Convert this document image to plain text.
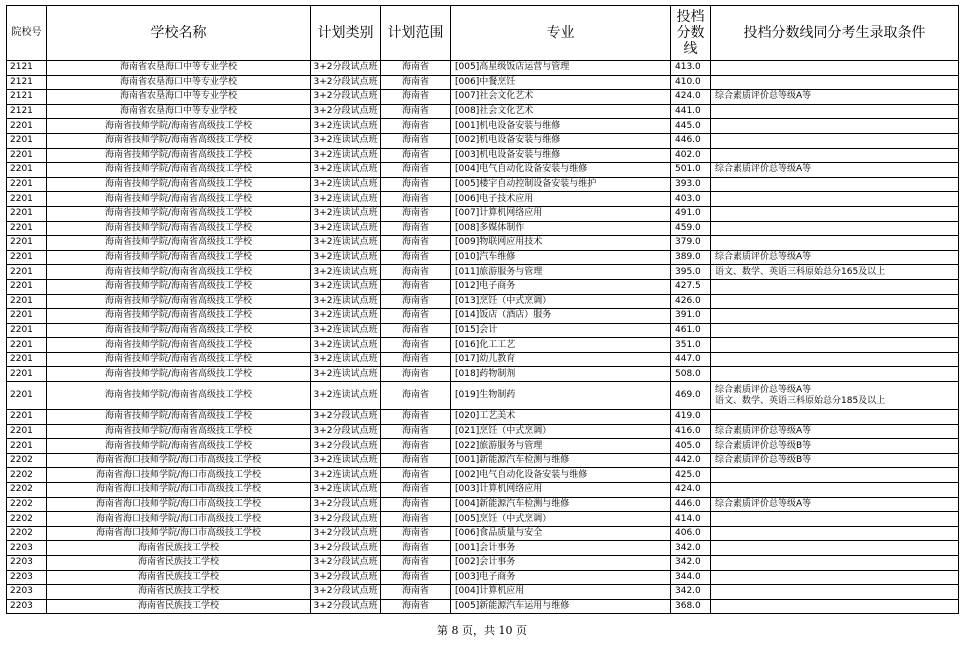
院校号	学校名称	计划类别	计划范围	专业	投档
分数
线	投档分数线同分考生录取条件
2121	海南省农垦海口中等专业学校	3+2分段试点班	海南省	[005]高星级饭店运营与管理	413.0	
2121	海南省农垦海口中等专业学校	3+2分段试点班	海南省	[006]中餐烹饪	410.0	
2121	海南省农垦海口中等专业学校	3+2分段试点班	海南省	[007]社会文化艺术	424.0	综合素质评价总等级A等
2121	海南省农垦海口中等专业学校	3+2分段试点班	海南省	[008]社会文化艺术	441.0	
2201	海南省技师学院/海南省高级技工学校	3+2连读试点班	海南省	[001]机电设备安装与维修	445.0	
2201	海南省技师学院/海南省高级技工学校	3+2连读试点班	海南省	[002]机电设备安装与维修	446.0	
2201	海南省技师学院/海南省高级技工学校	3+2连读试点班	海南省	[003]机电设备安装与维修	402.0	
2201	海南省技师学院/海南省高级技工学校	3+2连读试点班	海南省	[004]电气自动化设备安装与维修	501.0	综合素质评价总等级A等
2201	海南省技师学院/海南省高级技工学校	3+2连读试点班	海南省	[005]楼宇自动控制设备安装与维护	393.0	
2201	海南省技师学院/海南省高级技工学校	3+2连读试点班	海南省	[006]电子技术应用	403.0	
2201	海南省技师学院/海南省高级技工学校	3+2连读试点班	海南省	[007]计算机网络应用	491.0	
2201	海南省技师学院/海南省高级技工学校	3+2连读试点班	海南省	[008]多媒体制作	459.0	
2201	海南省技师学院/海南省高级技工学校	3+2连读试点班	海南省	[009]物联网应用技术	379.0	
2201	海南省技师学院/海南省高级技工学校	3+2连读试点班	海南省	[010]汽车维修	389.0	综合素质评价总等级A等
2201	海南省技师学院/海南省高级技工学校	3+2连读试点班	海南省	[011]旅游服务与管理	395.0	语文、数学、英语三科原始总分165及以上
2201	海南省技师学院/海南省高级技工学校	3+2连读试点班	海南省	[012]电子商务	427.5	
2201	海南省技师学院/海南省高级技工学校	3+2连读试点班	海南省	[013]烹饪（中式烹调）	426.0	
2201	海南省技师学院/海南省高级技工学校	3+2连读试点班	海南省	[014]饭店（酒店）服务	391.0	
2201	海南省技师学院/海南省高级技工学校	3+2连读试点班	海南省	[015]会计	461.0	
2201	海南省技师学院/海南省高级技工学校	3+2连读试点班	海南省	[016]化工工艺	351.0	
2201	海南省技师学院/海南省高级技工学校	3+2连读试点班	海南省	[017]幼儿教育	447.0	
2201	海南省技师学院/海南省高级技工学校	3+2连读试点班	海南省	[018]药物制剂	508.0	
2201	海南省技师学院/海南省高级技工学校	3+2连读试点班	海南省	[019]生物制药	469.0	综合素质评价总等级A等
语文、数学、英语三科原始总分185及以上
2201	海南省技师学院/海南省高级技工学校	3+2分段试点班	海南省	[020]工艺美术	419.0	
2201	海南省技师学院/海南省高级技工学校	3+2分段试点班	海南省	[021]烹饪（中式烹调）	416.0	综合素质评价总等级A等
2201	海南省技师学院/海南省高级技工学校	3+2分段试点班	海南省	[022]旅游服务与管理	405.0	综合素质评价总等级B等
2202	海南省海口技师学院/海口市高级技工学校	3+2连读试点班	海南省	[001]新能源汽车检测与维修	442.0	综合素质评价总等级B等
2202	海南省海口技师学院/海口市高级技工学校	3+2连读试点班	海南省	[002]电气自动化设备安装与维修	425.0	
2202	海南省海口技师学院/海口市高级技工学校	3+2连读试点班	海南省	[003]计算机网络应用	424.0	
2202	海南省海口技师学院/海口市高级技工学校	3+2分段试点班	海南省	[004]新能源汽车检测与维修	446.0	综合素质评价总等级A等
2202	海南省海口技师学院/海口市高级技工学校	3+2分段试点班	海南省	[005]烹饪（中式烹调）	414.0	
2202	海南省海口技师学院/海口市高级技工学校	3+2分段试点班	海南省	[006]食品质量与安全	406.0	
2203	海南省民族技工学校	3+2分段试点班	海南省	[001]会计事务	342.0	
2203	海南省民族技工学校	3+2分段试点班	海南省	[002]会计事务	342.0	
2203	海南省民族技工学校	3+2分段试点班	海南省	[003]电子商务	344.0	
2203	海南省民族技工学校	3+2分段试点班	海南省	[004]计算机应用	342.0	
2203	海南省民族技工学校	3+2分段试点班	海南省	[005]新能源汽车运用与维修	368.0	
第 8 页，共 10 页
